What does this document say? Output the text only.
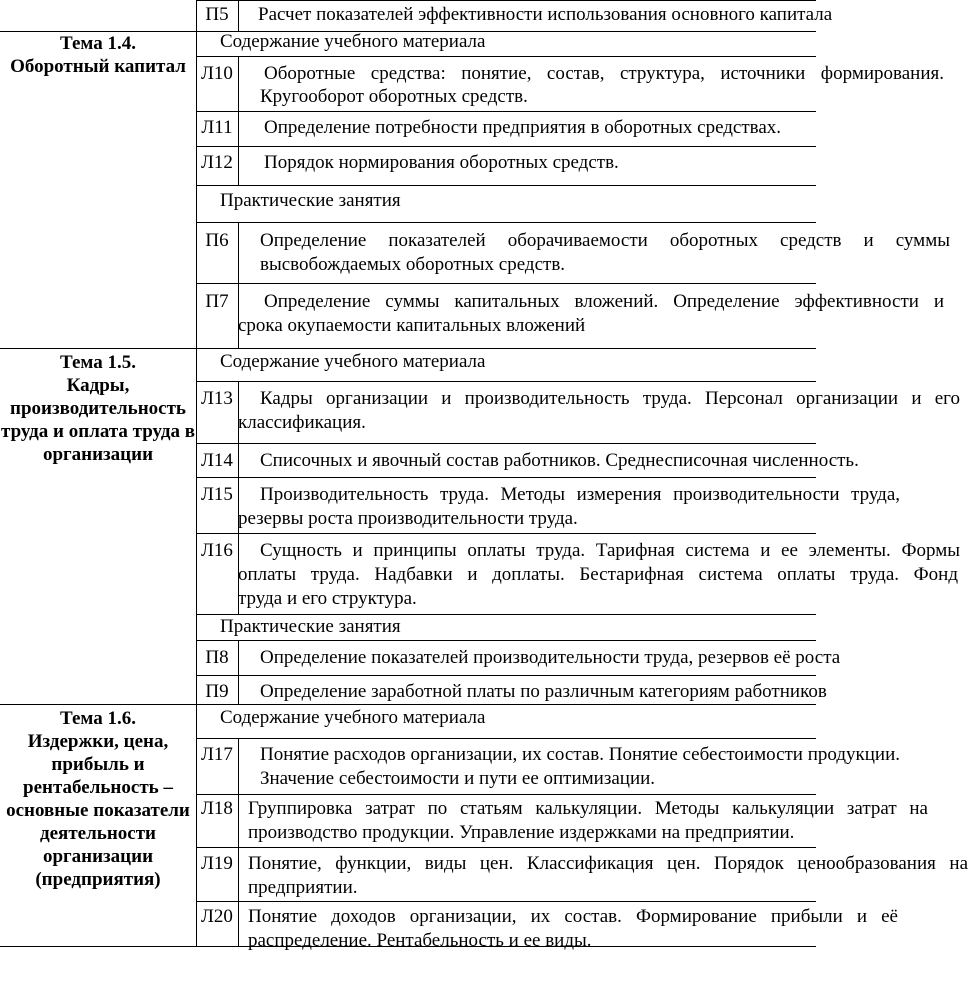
П5	Расчет показателей эффективности использования основного капитала
Тема 1.4.
Оборотный капитал
Содержание учебного материала
Л10 Оборотные средства: понятие, состав, структура, источники формирования.
Кругооборот оборотных средств.
Л11 Определение потребности предприятия в оборотных средствах.
Л12 Порядок нормирования оборотных средств.
Практические занятия
П6	Определение показателей оборачиваемости оборотных средств и суммы
высвобождаемых оборотных средств.
П7	Определение суммы капитальных вложений. Определение эффективности и
срока окупаемости капитальных вложений
Тема 1.5.
Кадры,
производительность
труда и оплата труда в
организации
Содержание учебного материала
Л13 Кадры организации и производительность труда. Персонал организации и его
классификация.
Л14 Списочных и явочный состав работников. Среднесписочная численность.
Л15 Производительность труда. Методы измерения производительности труда,
резервы роста производительности труда.
Л16 Сущность и принципы оплаты труда. Тарифная система и ее элементы. Формы
оплаты труда. Надбавки и доплаты. Бестарифная система оплаты труда. Фонд
труда и его структура.
Практические занятия
П8	Определение показателей производительности труда, резервов её роста
П9	Определение заработной платы по различным категориям работников
Тема 1.6.
Издержки, цена,
прибыль и
рентабельность –
основные показатели
деятельности
организации
(предприятия)
Содержание учебного материала
Л17 Понятие расходов организации, их состав. Понятие себестоимости продукции.
Значение себестоимости и пути ее оптимизации.
Л18 Группировка затрат по статьям калькуляции. Методы калькуляции затрат на
производство продукции. Управление издержками на предприятии.
Л19 Понятие, функции, виды цен. Классификация цен. Порядок ценообразования на
предприятии.
Л20 Понятие доходов организации, их состав. Формирование прибыли и её
распределение. Рентабельность и ее виды.
